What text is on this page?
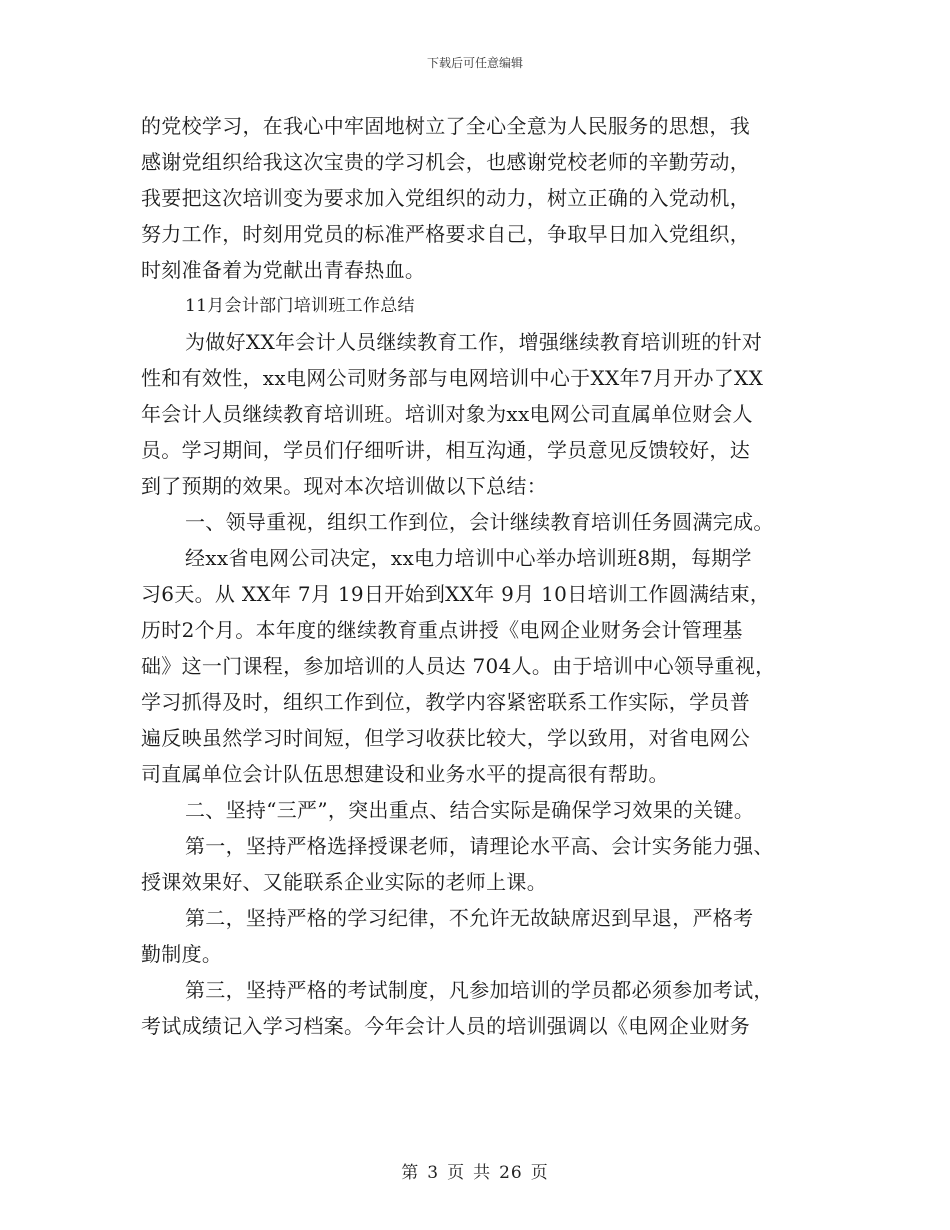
下载后可任意编辑
的党校学习，在我心中牢固地树立了全心全意为人民服务的思想，我
感谢党组织给我这次宝贵的学习机会，也感谢党校老师的辛勤劳动，
我要把这次培训变为要求加入党组织的动力，树立正确的入党动机，
努力工作，时刻用党员的标准严格要求自己，争取早日加入党组织，
时刻准备着为党献出青春热血。
11月会计部门培训班工作总结
为做好XX年会计人员继续教育工作，增强继续教育培训班的针对
性和有效性，xx电网公司财务部与电网培训中心于XX年7月开办了XX
年会计人员继续教育培训班。培训对象为xx电网公司直属单位财会人
员。学习期间，学员们仔细听讲，相互沟通，学员意见反馈较好，达
到了预期的效果。现对本次培训做以下总结：
一、领导重视，组织工作到位，会计继续教育培训任务圆满完成。
经xx省电网公司决定，xx电力培训中心举办培训班8期，每期学
习6天。从 XX年 7月 19日开始到XX年 9月 10日培训工作圆满结束，
历时2个月。本年度的继续教育重点讲授《电网企业财务会计管理基
础》这一门课程，参加培训的人员达 704人。由于培训中心领导重视，
学习抓得及时，组织工作到位，教学内容紧密联系工作实际，学员普
遍反映虽然学习时间短，但学习收获比较大，学以致用，对省电网公
司直属单位会计队伍思想建设和业务水平的提高很有帮助。
二、坚持“三严”，突出重点、结合实际是确保学习效果的关键。
第一，坚持严格选择授课老师，请理论水平高、会计实务能力强、
授课效果好、又能联系企业实际的老师上课。
第二，坚持严格的学习纪律，不允许无故缺席迟到早退，严格考
勤制度。
第三，坚持严格的考试制度，凡参加培训的学员都必须参加考试，
考试成绩记入学习档案。今年会计人员的培训强调以《电网企业财务
第 3 页 共 26 页
